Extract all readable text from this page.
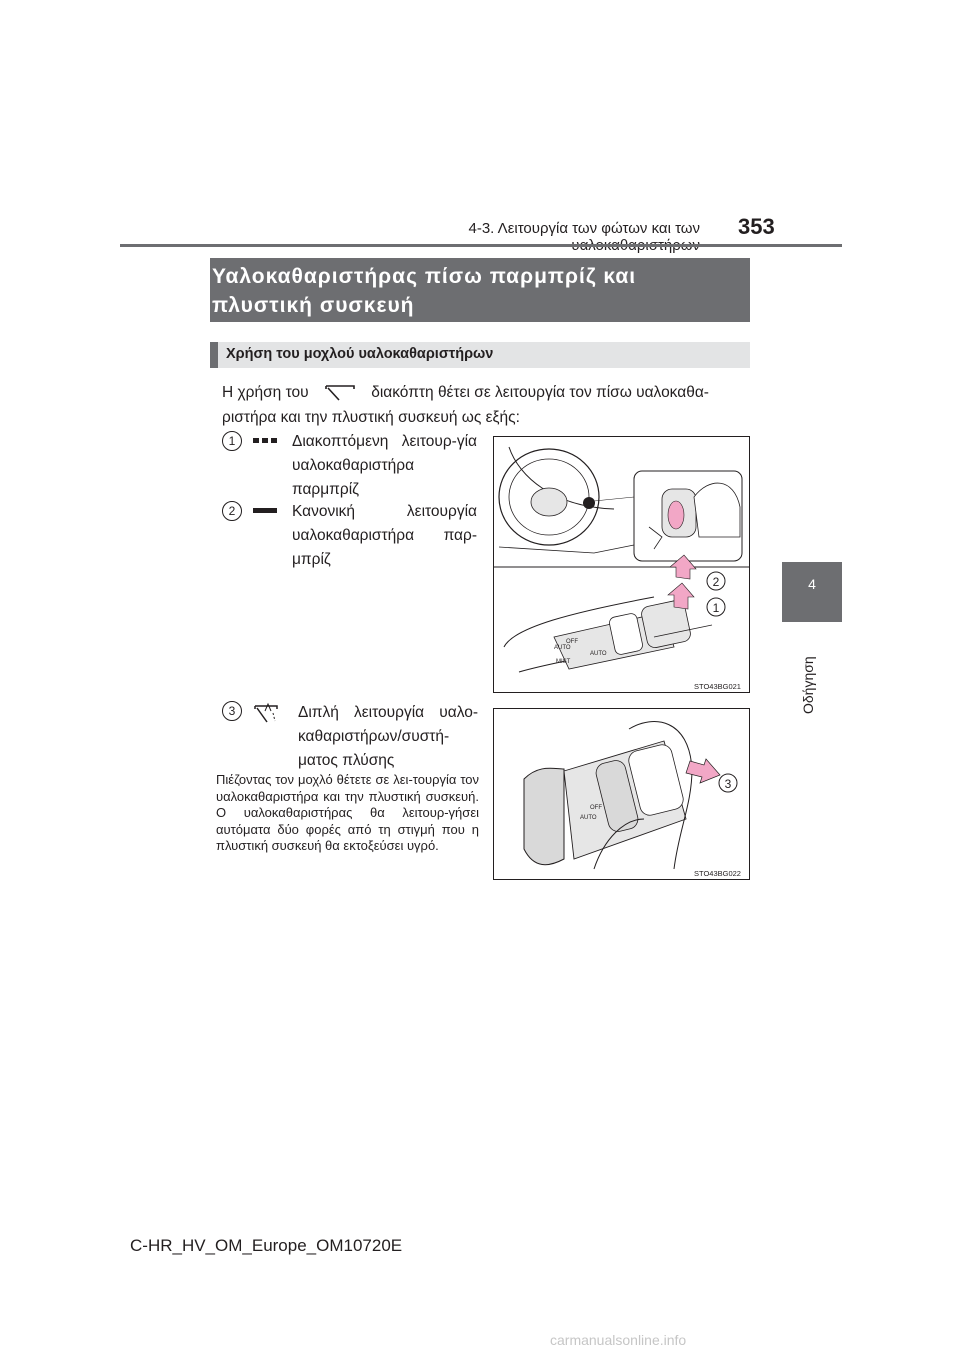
4-3. Λειτουργία των φώτων και των 353
4
Οδήγηση
Υαλοκαθαριστήρας πίσω παρμπρίζ και
πλυστική συσκευή
Χρήση του μοχλού υαλοκαθαριστήρων
Η χρήση του	διακόπτη θέτει σε λειτουργία τον πίσω υαλοκαθα-
ριστήρα και την πλυστική συσκευή ως εξής:
1	Διακοπτόμενη λειτουρ-γία υαλοκαθαριστήρα παρμπρίζ
2	Κανονική λειτουργία υαλοκαθαριστήρα παρ-μπρίζ
3	Διπλή λειτουργία υαλο-καθαριστήρων/συστή-ματος πλύσης
Πιέζοντας τον μοχλό θέτετε σε λει-τουργία τον υαλοκαθαριστήρα και την πλυστική συσκευή. Ο υαλοκαθαριστήρας θα λειτουρ-γήσει αυτόματα δύο φορές από τη στιγμή που η πλυστική συσκευή θα εκτοξεύσει υγρό.
AUTO
AUTO
OFF
MIST
2
1
STO43BG021
AUTO
OFF
3
STO43BG022
C-HR_HV_OM_Europe_OM10720E
carmanualsonline.info
